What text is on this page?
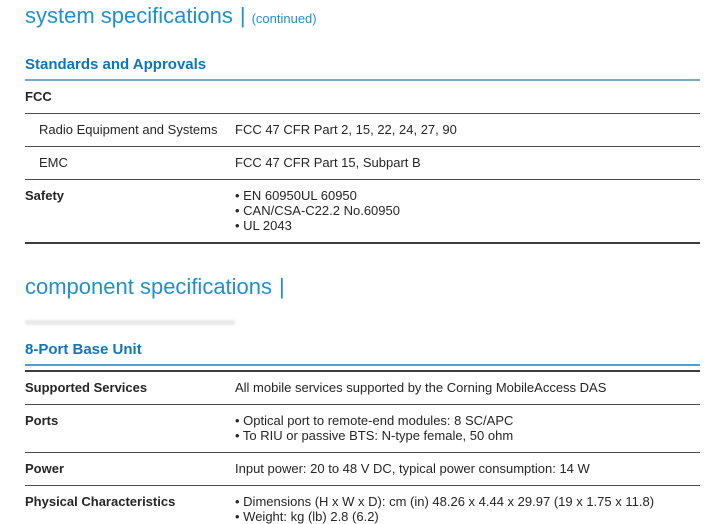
system specifications | (continued)
Standards and Approvals
FCC
Radio Equipment and Systems	FCC 47 CFR Part 2, 15, 22, 24, 27, 90
EMC	FCC 47 CFR Part 15, Subpart B
Safety	• EN 60950UL 60950
• CAN/CSA-C22.2 No.60950
• UL 2043
component specifications |
8-Port Base Unit
Supported Services	All mobile services supported by the Corning MobileAccess DAS
Ports	• Optical port to remote-end modules: 8 SC/APC
• To RIU or passive BTS: N-type female, 50 ohm
Power	Input power: 20 to 48 V DC, typical power consumption: 14 W
Physical Characteristics	• Dimensions (H x W x D): cm (in) 48.26 x 4.44 x 29.97 (19 x 1.75 x 11.8)
• Weight: kg (lb) 2.8 (6.2)
